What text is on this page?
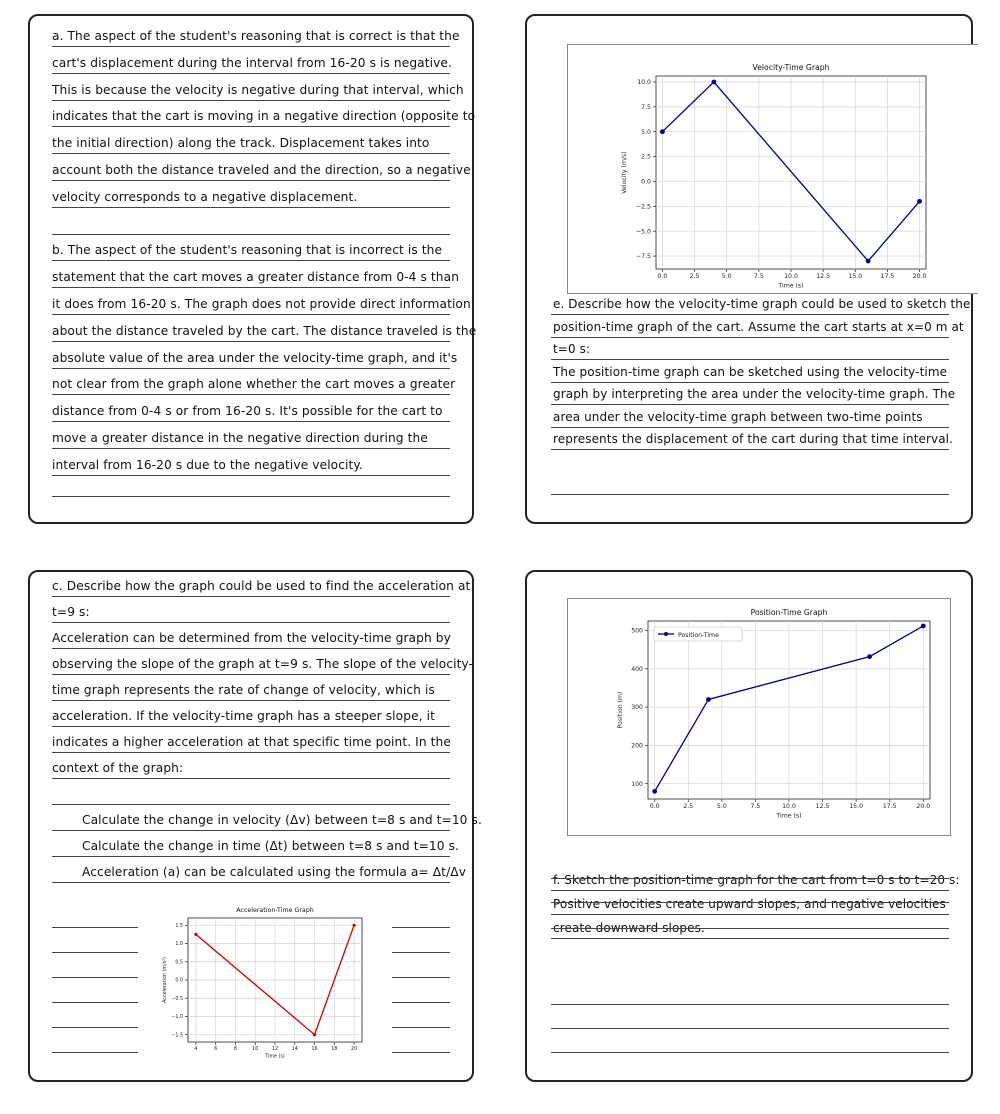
a. The aspect of the student's reasoning that is correct is that the
cart's displacement during the interval from 16-20 s is negative.
This is because the velocity is negative during that interval, which
indicates that the cart is moving in a negative direction (opposite to
the initial direction) along the track. Displacement takes into
account both the distance traveled and the direction, so a negative
velocity corresponds to a negative displacement.
b. The aspect of the student's reasoning that is incorrect is the
statement that the cart moves a greater distance from 0-4 s than
it does from 16-20 s. The graph does not provide direct information
about the distance traveled by the cart. The distance traveled is the
absolute value of the area under the velocity-time graph, and it's
not clear from the graph alone whether the cart moves a greater
distance from 0-4 s or from 16-20 s. It's possible for the cart to
move a greater distance in the negative direction during the
interval from 16-20 s due to the negative velocity.
Velocity-Time Graph
0.0	2.5	5.0	7.5	10.0	12.5	15.0	17.5	20.0
10.0
7.5
5.0
2.5
0.0
−2.5
−5.0
−7.5
Time (s)
Velocity (m/s)
e. Describe how the velocity-time graph could be used to sketch the
position-time graph of the cart. Assume the cart starts at x=0 m at
t=0 s:
The position-time graph can be sketched using the velocity-time
graph by interpreting the area under the velocity-time graph. The
area under the velocity-time graph between two-time points
represents the displacement of the cart during that time interval.
c. Describe how the graph could be used to find the acceleration at
t=9 s:
Acceleration can be determined from the velocity-time graph by
observing the slope of the graph at t=9 s. The slope of the velocity-
time graph represents the rate of change of velocity, which is
acceleration. If the velocity-time graph has a steeper slope, it
indicates a higher acceleration at that specific time point. In the
context of the graph:
Calculate the change in velocity (Δv) between t=8 s and t=10 s.
Calculate the change in time (Δt) between t=8 s and t=10 s.
Acceleration (a) can be calculated using the formula a= Δt/Δv
Acceleration-Time Graph
4	6	8	10	12	14	16	18	20
1.5
1.0
0.5
0.0
−0.5
−1.0
−1.5
Time (s)
Acceleration (m/s²)
Position-Time Graph
0.0	2.5	5.0	7.5	10.0	12.5	15.0	17.5	20.0
500
400
300
200
100
Time (s)
Position (m)
Position-Time
f. Sketch the position-time graph for the cart from t=0 s to t=20 s:
Positive velocities create upward slopes, and negative velocities
create downward slopes.
